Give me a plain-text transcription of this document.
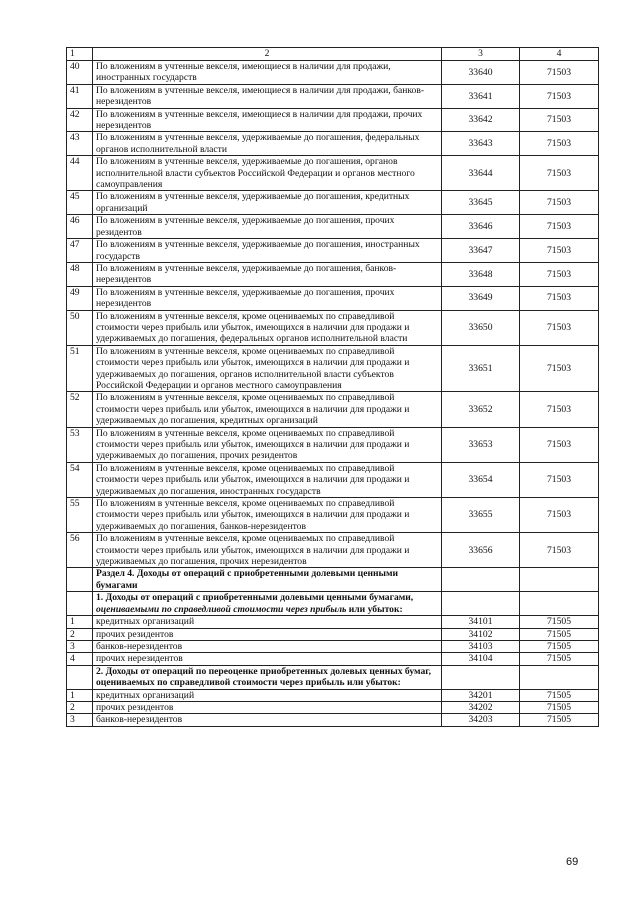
1	2	3	4
40	По вложениям в учтенные векселя, имеющиеся в наличии для продажи, иностранных государств	33640	71503
41	По вложениям в учтенные векселя, имеющиеся в наличии для продажи, банков-нерезидентов	33641	71503
42	По вложениям в учтенные векселя, имеющиеся в наличии для продажи, прочих нерезидентов	33642	71503
43	По вложениям в учтенные векселя, удерживаемые до погашения, федеральных органов исполнительной власти	33643	71503
44	По вложениям в учтенные векселя, удерживаемые до погашения, органов исполнительной власти субъектов Российской Федерации и органов местного самоуправления	33644	71503
45	По вложениям в учтенные векселя, удерживаемые до погашения, кредитных организаций	33645	71503
46	По вложениям в учтенные векселя, удерживаемые до погашения, прочих резидентов	33646	71503
47	По вложениям в учтенные векселя, удерживаемые до погашения, иностранных государств	33647	71503
48	По вложениям в учтенные векселя, удерживаемые до погашения, банков-нерезидентов	33648	71503
49	По вложениям в учтенные векселя, удерживаемые до погашения, прочих нерезидентов	33649	71503
50	По вложениям в учтенные векселя, кроме оцениваемых по справедливой стоимости через прибыль или убыток, имеющихся в наличии для продажи и удерживаемых до погашения, федеральных органов исполнительной власти	33650	71503
51	По вложениям в учтенные векселя, кроме оцениваемых по справедливой стоимости через прибыль или убыток, имеющихся в наличии для продажи и удерживаемых до погашения, органов исполнительной власти субъектов Российской Федерации и органов местного самоуправления	33651	71503
52	По вложениям в учтенные векселя, кроме оцениваемых по справедливой стоимости через прибыль или убыток, имеющихся в наличии для продажи и удерживаемых до погашения, кредитных организаций	33652	71503
53	По вложениям в учтенные векселя, кроме оцениваемых по справедливой стоимости через прибыль или убыток, имеющихся в наличии для продажи и удерживаемых до погашения, прочих резидентов	33653	71503
54	По вложениям в учтенные векселя, кроме оцениваемых по справедливой стоимости через прибыль или убыток, имеющихся в наличии для продажи и удерживаемых до погашения, иностранных государств	33654	71503
55	По вложениям в учтенные векселя, кроме оцениваемых по справедливой стоимости через прибыль или убыток, имеющихся в наличии для продажи и удерживаемых до погашения, банков-нерезидентов	33655	71503
56	По вложениям в учтенные векселя, кроме оцениваемых по справедливой стоимости через прибыль или убыток, имеющихся в наличии для продажи и удерживаемых до погашения, прочих нерезидентов	33656	71503
	Раздел 4. Доходы от операций с приобретенными долевыми ценными бумагами		
	1. Доходы от операций с приобретенными долевыми ценными бумагами, оцениваемыми по справедливой стоимости через прибыль или убыток:		
1	кредитных организаций	34101	71505
2	прочих резидентов	34102	71505
3	банков-нерезидентов	34103	71505
4	прочих нерезидентов	34104	71505
	2. Доходы от операций по переоценке приобретенных долевых ценных бумаг, оцениваемых по справедливой стоимости через прибыль или убыток:		
1	кредитных организаций	34201	71505
2	прочих резидентов	34202	71505
3	банков-нерезидентов	34203	71505
69
